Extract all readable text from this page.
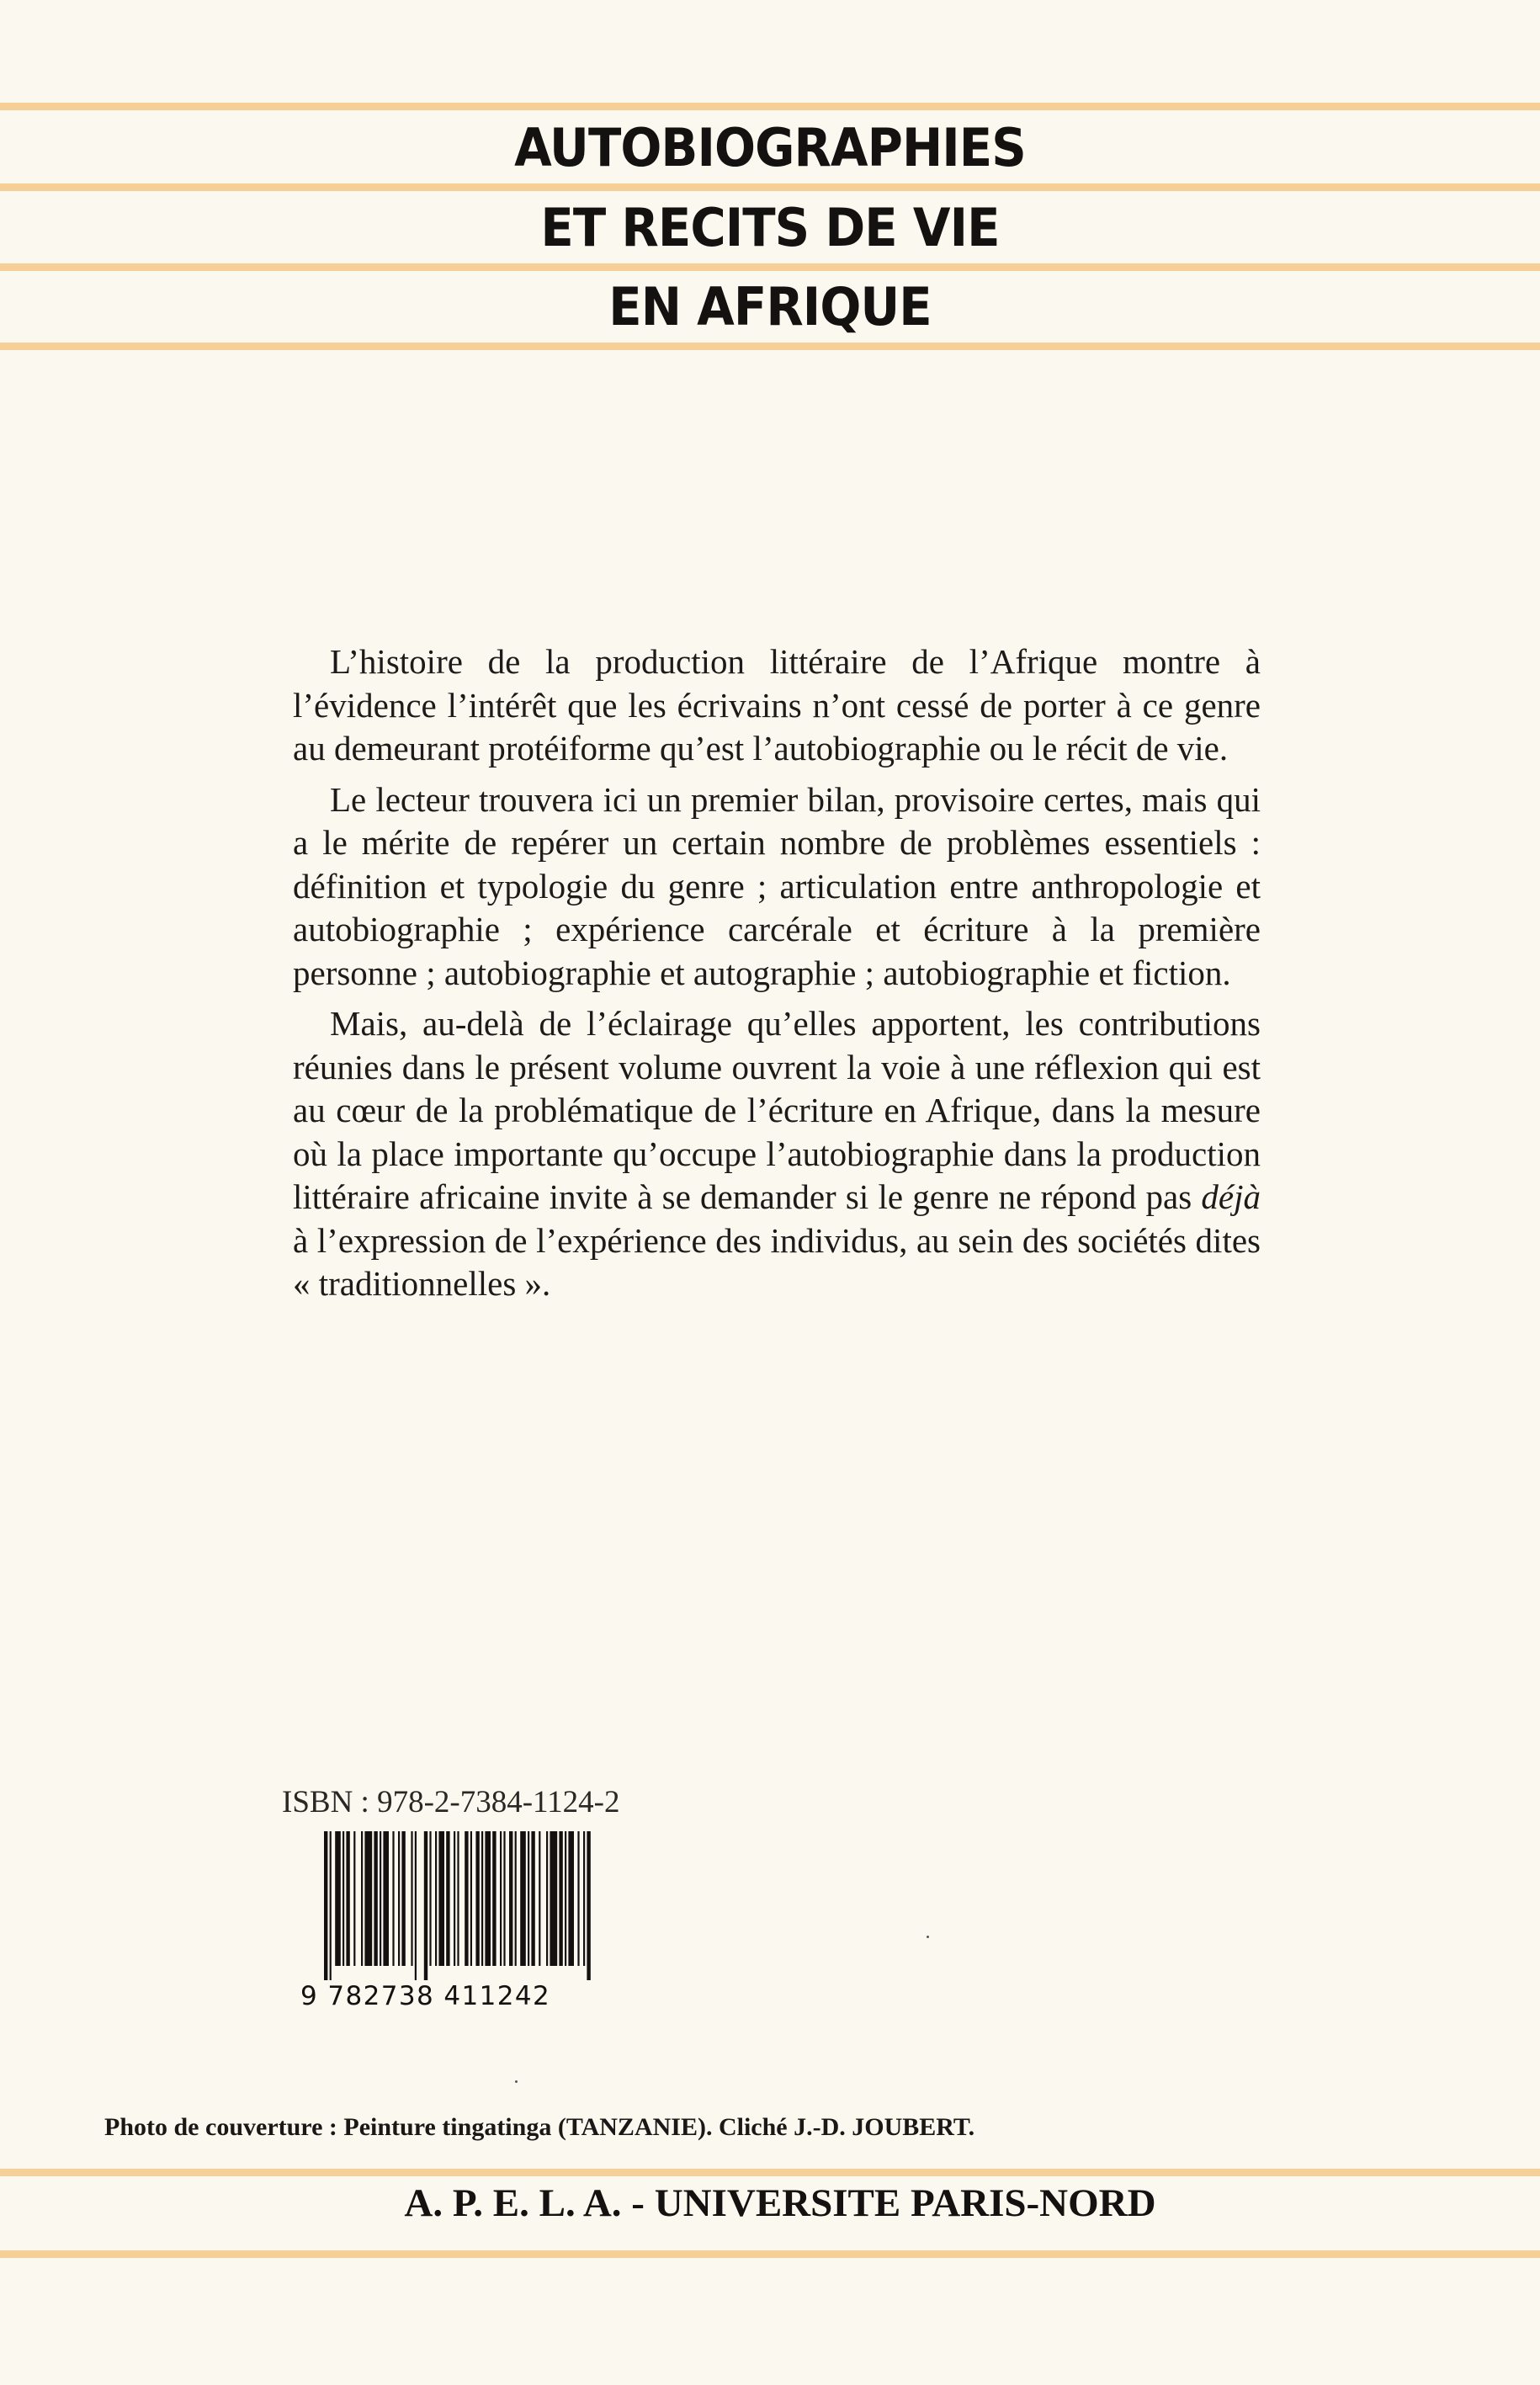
AUTOBIOGRAPHIES
ET RECITS DE VIE
EN AFRIQUE

L’histoire de la production littéraire de l’Afrique montre à l’évidence l’intérêt que les écrivains n’ont cessé de porter à ce genre au demeurant protéiforme qu’est l’autobiographie ou le récit de vie.

Le lecteur trouvera ici un premier bilan, provisoire certes, mais qui a le mérite de repérer un certain nombre de problèmes essentiels : définition et typologie du genre ; articulation entre anthropologie et autobiographie ; expérience carcérale et écriture à la première personne ; autobiographie et autographie ; autobiographie et fiction.

Mais, au-delà de l’éclairage qu’elles apportent, les contributions réunies dans le présent volume ouvrent la voie à une réflexion qui est au cœur de la problématique de l’écriture en Afrique, dans la mesure où la place importante qu’occupe l’autobiographie dans la production littéraire africaine invite à se demander si le genre ne répond pas déjà à l’expression de l’expérience des individus, au sein des sociétés dites « traditionnelles ».

ISBN : 978-2-7384-1124-2
9 782738 411242
Photo de couverture : Peinture tingatinga (TANZANIE). Cliché J.-D. JOUBERT.
A. P. E. L. A. - UNIVERSITE PARIS-NORD
